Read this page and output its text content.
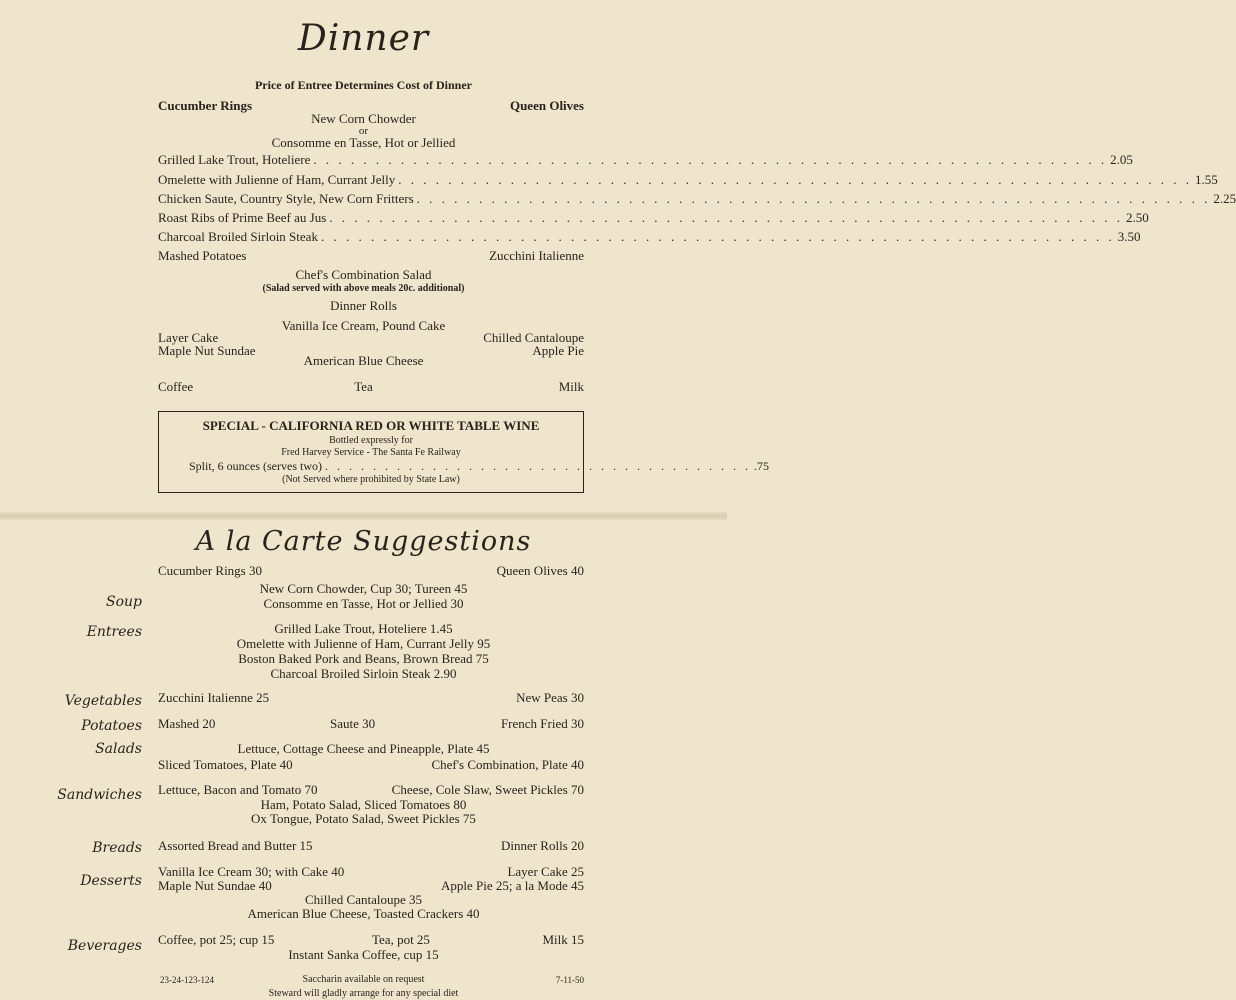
Dinner
Price of Entree Determines Cost of Dinner
Cucumber Rings	Queen Olives
New Corn Chowder
or
Consomme en Tasse, Hot or Jellied
Grilled Lake Trout, Hoteliere . . .	2.05
Omelette with Julienne of Ham, Currant Jelly . . .	1.55
Chicken Saute, Country Style, New Corn Fritters . . .	2.25
Roast Ribs of Prime Beef au Jus . . .	2.50
Charcoal Broiled Sirloin Steak . . .	3.50
Mashed Potatoes	Zucchini Italienne
Chef's Combination Salad
(Salad served with above meals 20c. additional)
Dinner Rolls
Vanilla Ice Cream, Pound Cake
Layer Cake
Maple Nut Sundae
Chilled Cantaloupe
Apple Pie
American Blue Cheese
Coffee	Tea	Milk
SPECIAL - CALIFORNIA RED OR WHITE TABLE WINE
Bottled expressly for
Fred Harvey Service - The Santa Fe Railway
Split, 6 ounces (serves two) . . . . . . . . . . . . . . . . . . . . . . . . . . . . . . . . . . . . .75
(Not Served where prohibited by State Law)
A la Carte Suggestions
Cucumber Rings 30	Queen Olives 40
Soup
New Corn Chowder, Cup 30; Tureen 45
Consomme en Tasse, Hot or Jellied 30
Entrees	Grilled Lake Trout, Hoteliere 1.45
Omelette with Julienne of Ham, Currant Jelly 95
Boston Baked Pork and Beans, Brown Bread 75
Charcoal Broiled Sirloin Steak 2.90
Vegetables Zucchini Italienne 25	New Peas 30
Potatoes Mashed 20	Saute 30	French Fried 30
Salads	Lettuce, Cottage Cheese and Pineapple, Plate 45
Sliced Tomatoes, Plate 40	Chef's Combination, Plate 40
Sandwiches Lettuce, Bacon and Tomato 70	Cheese, Cole Slaw, Sweet Pickles 70
Ham, Potato Salad, Sliced Tomatoes 80
Ox Tongue, Potato Salad, Sweet Pickles 75
Breads Assorted Bread and Butter 15	Dinner Rolls 20
Desserts
Vanilla Ice Cream 30; with Cake 40	Layer Cake 25
Maple Nut Sundae 40	Apple Pie 25; a la Mode 45
Chilled Cantaloupe 35
American Blue Cheese, Toasted Crackers 40
Beverages Coffee, pot 25; cup 15	Tea, pot 25	Milk 15
Instant Sanka Coffee, cup 15
23-24-123-124	Saccharin available on request
Steward will gladly arrange for any special diet
7-11-50
